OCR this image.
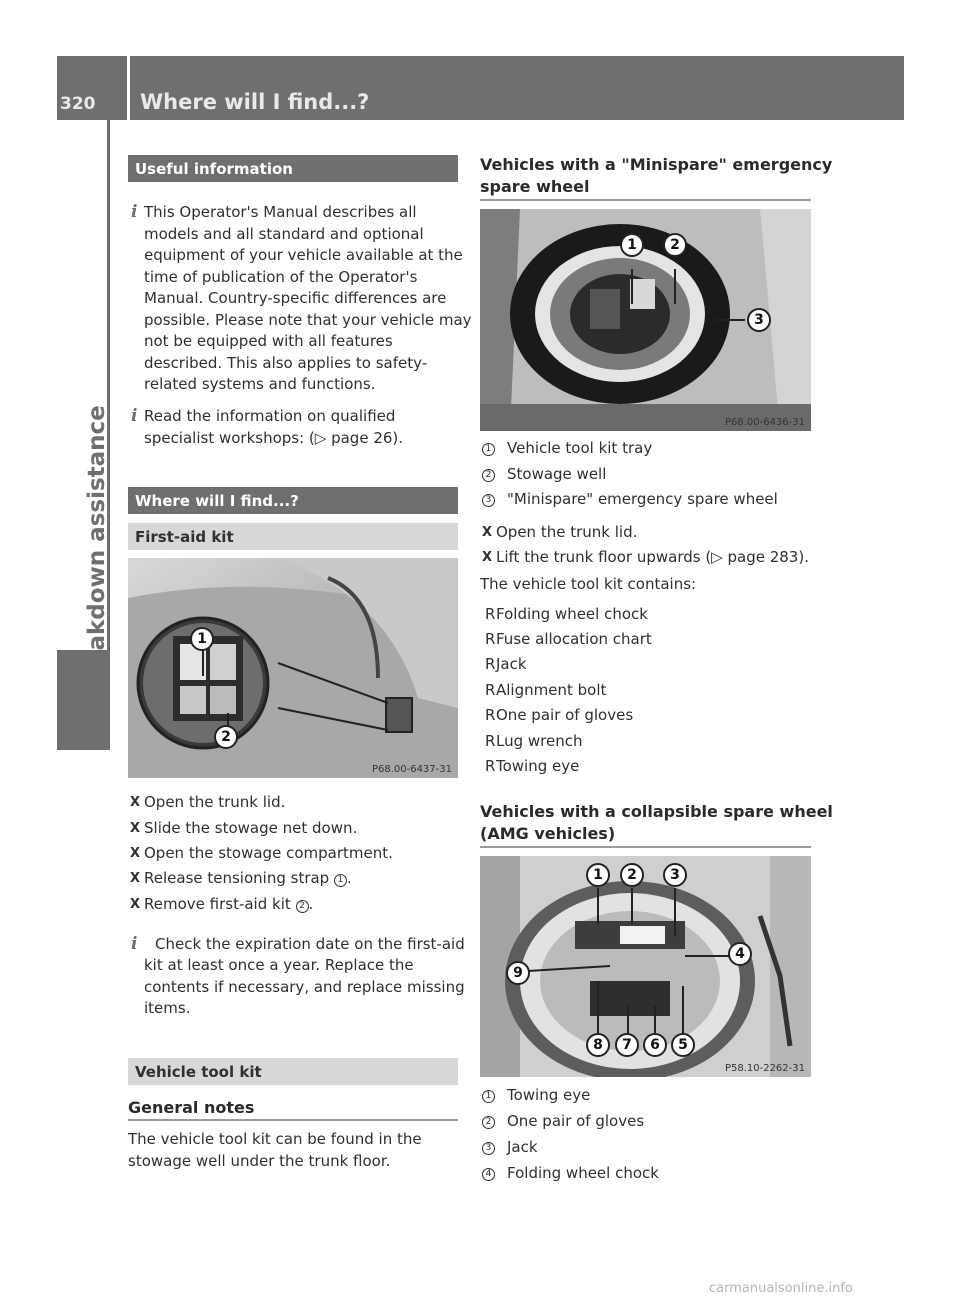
320 Where will I find...?
Breakdown assistance
Useful information
i This Operator's Manual describes all
models and all standard and optional
equipment of your vehicle available at the
time of publication of the Operator's
Manual. Country-specific differences are
possible. Please note that your vehicle may
not be equipped with all features
described. This also applies to safety-
related systems and functions.
i Read the information on qualified
specialist workshops: (▷ page 26).
Where will I find...?
First-aid kit
1
2
P68.00-6437-31
X Open the trunk lid.
X Slide the stowage net down.
X Open the stowage compartment.
X Release tensioning strap 1 .
X Remove first-aid kit 2 .
i	Check the expiration date on the first-aid
kit at least once a year. Replace the
contents if necessary, and replace missing
items.
Vehicle tool kit
General notes
The vehicle tool kit can be found in the
stowage well under the trunk floor.
Vehicles with a "Minispare" emergency
spare wheel
1	2
3
P68.00-6436-31
1 Vehicle tool kit tray
2 Stowage well
3 "Minispare" emergency spare wheel
X Open the trunk lid.
X Lift the trunk floor upwards (▷ page 283).
The vehicle tool kit contains:
R Folding wheel chock
R Fuse allocation chart
R Jack
R Alignment bolt
R One pair of gloves
R Lug wrench
R Towing eye
Vehicles with a collapsible spare wheel
(AMG vehicles)
1	2	3
4
5
6
7
8
9
P58.10-2262-31
1 Towing eye
2 One pair of gloves
3 Jack
4 Folding wheel chock
carmanualsonline.info
